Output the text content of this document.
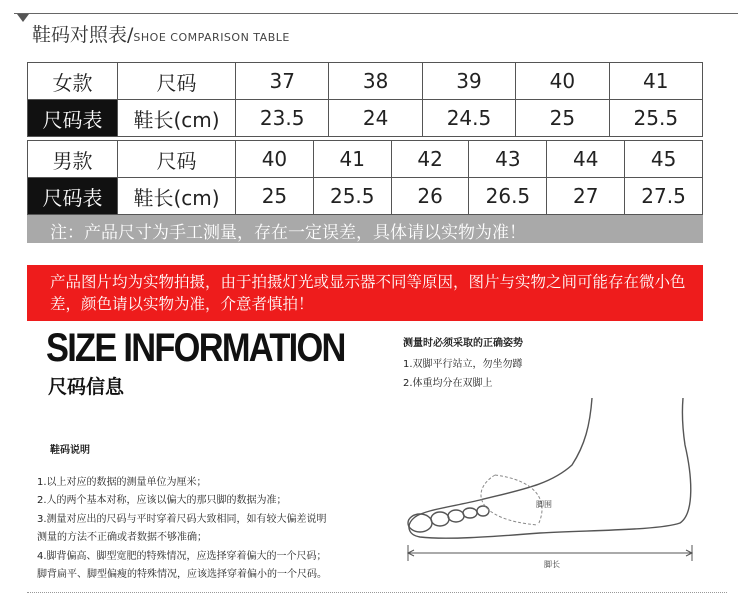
鞋码对照表/SHOE COMPARISON TABLE
女款	尺码	37	38	39	40	41
尺码表	鞋长(cm)	23.5	24	24.5	25	25.5
男款	尺码	40	41	42	43	44	45
尺码表	鞋长(cm)	25	25.5	26	26.5	27	27.5
注：产品尺寸为手工测量，存在一定误差，具体请以实物为准！
产品图片均为实物拍摄，由于拍摄灯光或显示器不同等原因，图片与实物之间可能存在微小色差，颜色请以实物为准，介意者慎拍！
SIZE INFORMATION
尺码信息
鞋码说明
1.以上对应的数据的测量单位为厘米；
2.人的两个基本对称，应该以偏大的那只脚的数据为准；
3.测量对应出的尺码与平时穿着尺码大致相同，如有较大偏差说明
测量的方法不正确或者数据不够准确；
4.脚背偏高、脚型宽肥的特殊情况，应选择穿着偏大的一个尺码；
脚背扁平、脚型偏瘦的特殊情况，应该选择穿着偏小的一个尺码。
测量时必须采取的正确姿势
1.双脚平行站立，勿坐勿蹲
2.体重均分在双脚上
脚围
脚长
